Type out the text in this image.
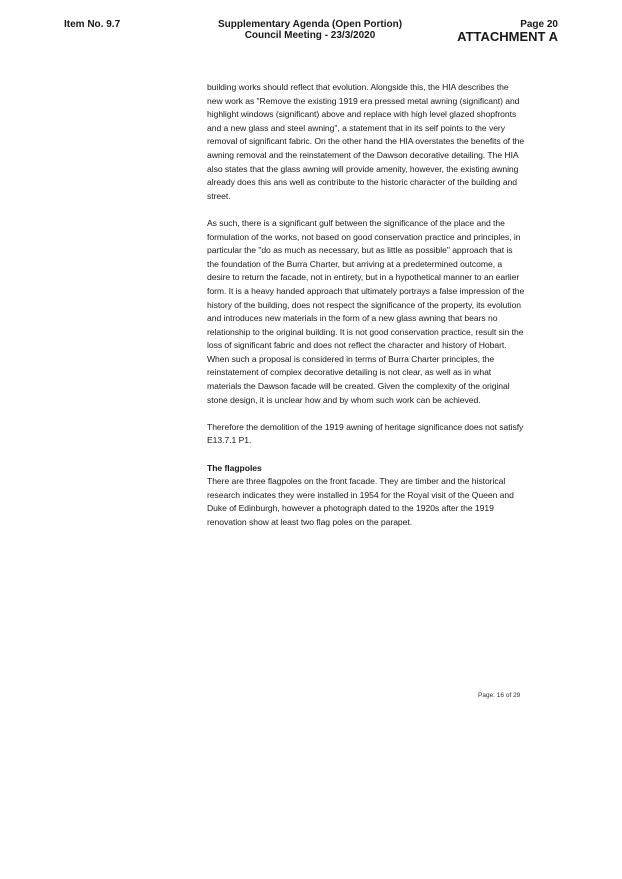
Item No. 9.7	Supplementary Agenda (Open Portion)
Council Meeting - 23/3/2020
Page 20
ATTACHMENT A

building works should reflect that evolution. Alongside this, the HIA describes the new work as "Remove the existing 1919 era pressed metal awning (significant) and highlight windows (significant) above and replace with high level glazed shopfronts and a new glass and steel awning", a statement that in its self points to the very removal of significant fabric. On the other hand the HIA overstates the benefits of the awning removal and the reinstatement of the Dawson decorative detailing. The HIA also states that the glass awning will provide amenity, however, the existing awning already does this ans well as contribute to the historic character of the building and street.

As such, there is a significant gulf between the significance of the place and the formulation of the works, not based on good conservation practice and principles, in particular the "do as much as necessary, but as little as possible" approach that is the foundation of the Burra Charter, but arriving at a predetermined outcome, a desire to return the facade, not in entirety, but in a hypothetical manner to an earlier form. It is a heavy handed approach that ultimately portrays a false impression of the history of the building, does not respect the significance of the property, its evolution and introduces new materials in the form of a new glass awning that bears no relationship to the original building. It is not good conservation practice, result sin the loss of significant fabric and does not reflect the character and history of Hobart. When such a proposal is considered in terms of Burra Charter principles, the reinstatement of complex decorative detailing is not clear, as well as in what materials the Dawson facade will be created. Given the complexity of the original stone design, it is unclear how and by whom such work can be achieved.

Therefore the demolition of the 1919 awning of heritage significance does not satisfy E13.7.1 P1.

The flagpoles

There are three flagpoles on the front facade. They are timber and the historical research indicates they were installed in 1954 for the Royal visit of the Queen and Duke of Edinburgh, however a photograph dated to the 1920s after the 1919 renovation show at least two flag poles on the parapet.

Page: 16 of 29
